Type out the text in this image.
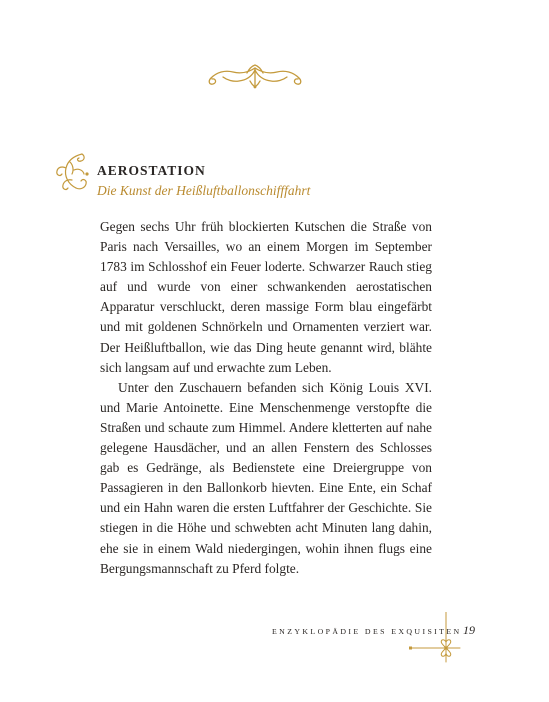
AEROSTATION
Die Kunst der Heißluftballonschifffahrt

Gegen sechs Uhr früh blockierten Kutschen die Straße von Paris nach Versailles, wo an einem Morgen im September 1783 im Schlosshof ein Feuer loderte. Schwarzer Rauch stieg auf und wurde von einer schwankenden aerostatischen Apparatur verschluckt, deren massige Form blau eingefärbt und mit goldenen Schnörkeln und Ornamenten verziert war. Der Heißluftballon, wie das Ding heute genannt wird, blähte sich langsam auf und erwachte zum Leben.

Unter den Zuschauern befanden sich König Louis XVI. und Marie Antoinette. Eine Menschenmenge verstopfte die Straßen und schaute zum Himmel. Andere kletterten auf nahe gelegene Hausdächer, und an allen Fenstern des Schlosses gab es Gedränge, als Bedienstete eine Dreiergruppe von Passagieren in den Ballonkorb hievten. Eine Ente, ein Schaf und ein Hahn waren die ersten Luftfahrer der Geschichte. Sie stiegen in die Höhe und schwebten acht Minuten lang dahin, ehe sie in einem Wald niedergingen, wohin ihnen flugs eine Bergungsmannschaft zu Pferd folgte.

ENZYKLOPÄDIE DES EXQUISITEN 19
